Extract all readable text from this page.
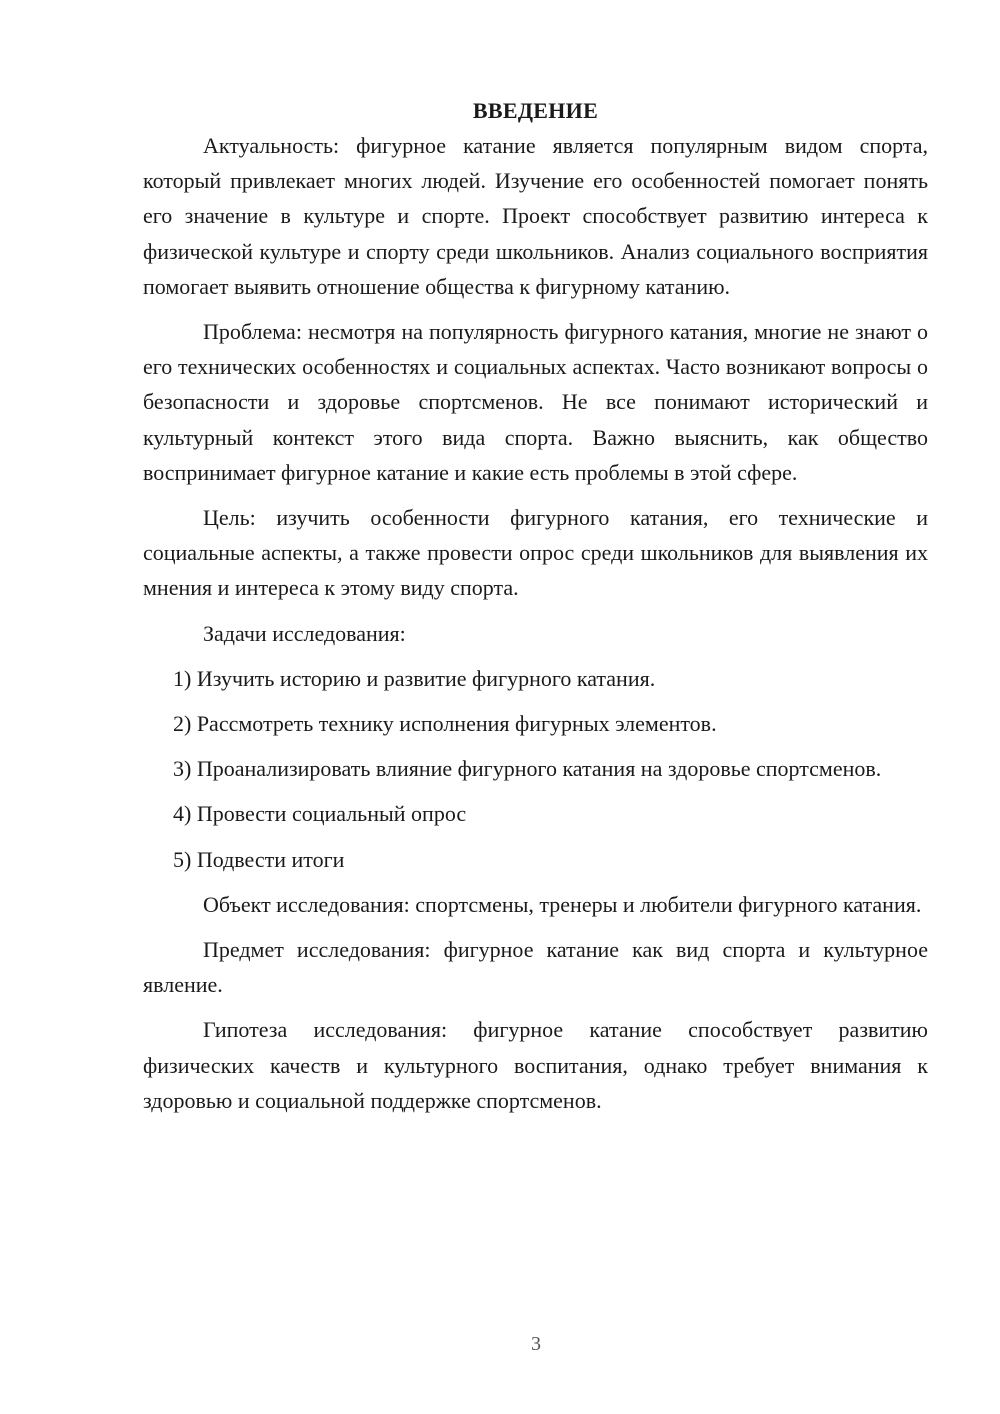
ВВЕДЕНИЕ

Актуальность: фигурное катание является популярным видом спорта, который привлекает многих людей. Изучение его особенностей помогает понять его значение в культуре и спорте. Проект способствует развитию интереса к физической культуре и спорту среди школьников. Анализ социального восприятия помогает выявить отношение общества к фигурному катанию.

Проблема: несмотря на популярность фигурного катания, многие не знают о его технических особенностях и социальных аспектах. Часто возникают вопросы о безопасности и здоровье спортсменов. Не все понимают исторический и культурный контекст этого вида спорта. Важно выяснить, как общество воспринимает фигурное катание и какие есть проблемы в этой сфере.

Цель: изучить особенности фигурного катания, его технические и социальные аспекты, а также провести опрос среди школьников для выявления их мнения и интереса к этому виду спорта.

Задачи исследования:

1) Изучить историю и развитие фигурного катания.

2) Рассмотреть технику исполнения фигурных элементов.

3) Проанализировать влияние фигурного катания на здоровье спортсменов.

4) Провести социальный опрос

5) Подвести итоги

Объект исследования: спортсмены, тренеры и любители фигурного катания.

Предмет исследования: фигурное катание как вид спорта и культурное явление.

Гипотеза исследования: фигурное катание способствует развитию физических качеств и культурного воспитания, однако требует внимания к здоровью и социальной поддержке спортсменов.

3
